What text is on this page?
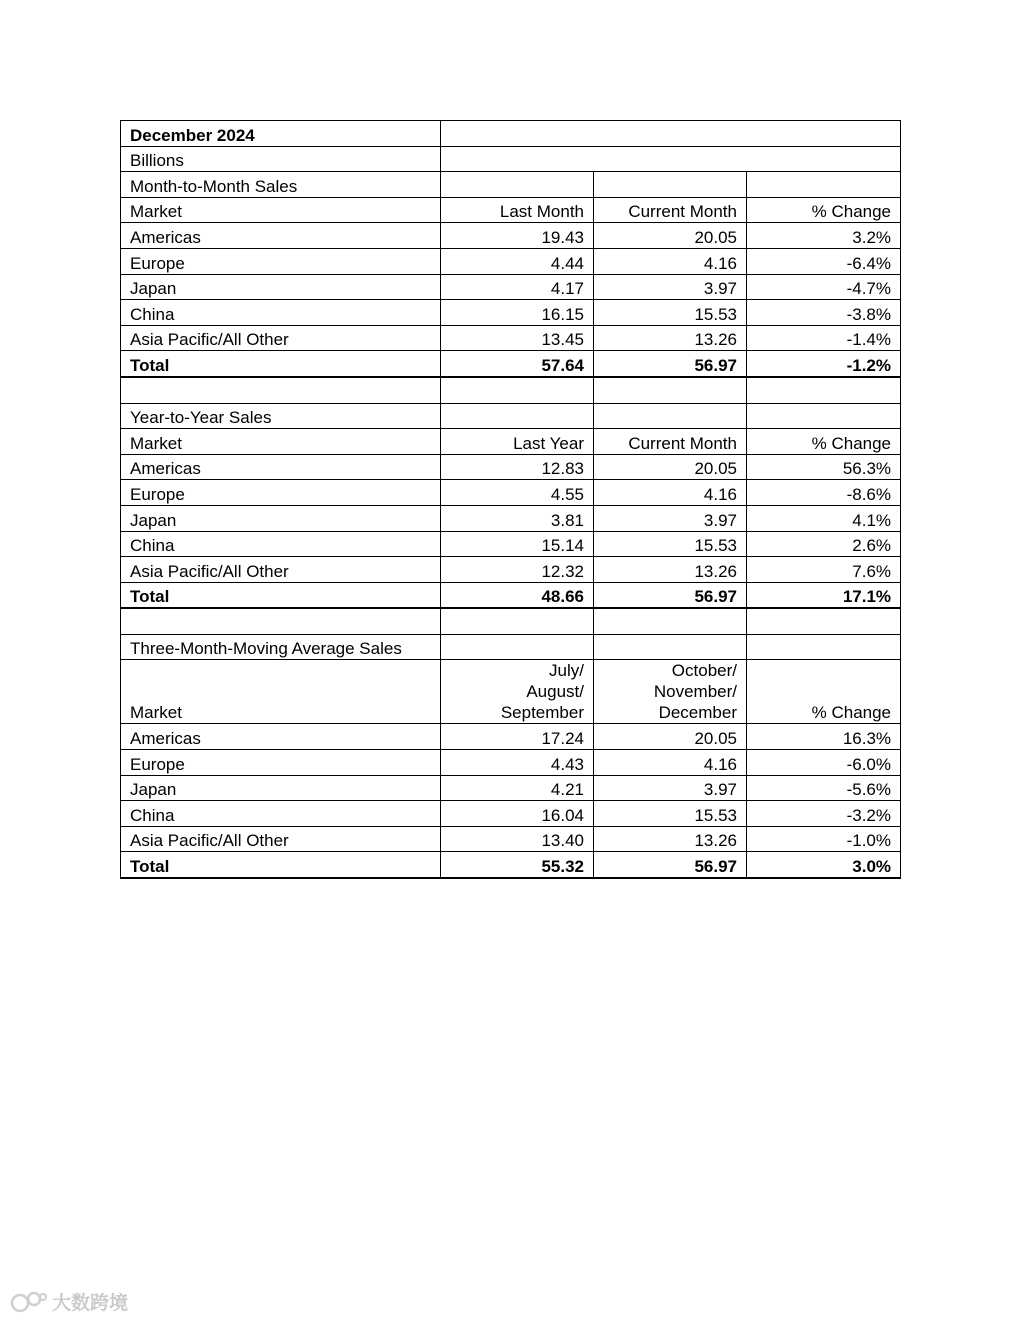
December 2024			
Billions			
Month-to-Month Sales			
Market	Last Month	Current Month	% Change
Americas	19.43	20.05	3.2%
Europe	4.44	4.16	-6.4%
Japan	4.17	3.97	-4.7%
China	16.15	15.53	-3.8%
Asia Pacific/All Other	13.45	13.26	-1.4%
Total	57.64	56.97	-1.2%

Year-to-Year Sales			
Market	Last Year	Current Month	% Change
Americas	12.83	20.05	56.3%
Europe	4.55	4.16	-8.6%
Japan	3.81	3.97	4.1%
China	15.14	15.53	2.6%
Asia Pacific/All Other	12.32	13.26	7.6%
Total	48.66	56.97	17.1%

Three-Month-Moving Average Sales			
Market	July/
August/
September	October/
November/
December	% Change
Americas	17.24	20.05	16.3%
Europe	4.43	4.16	-6.0%
Japan	4.21	3.97	-5.6%
China	16.04	15.53	-3.2%
Asia Pacific/All Other	13.40	13.26	-1.0%
Total	55.32	56.97	3.0%
大数跨境
